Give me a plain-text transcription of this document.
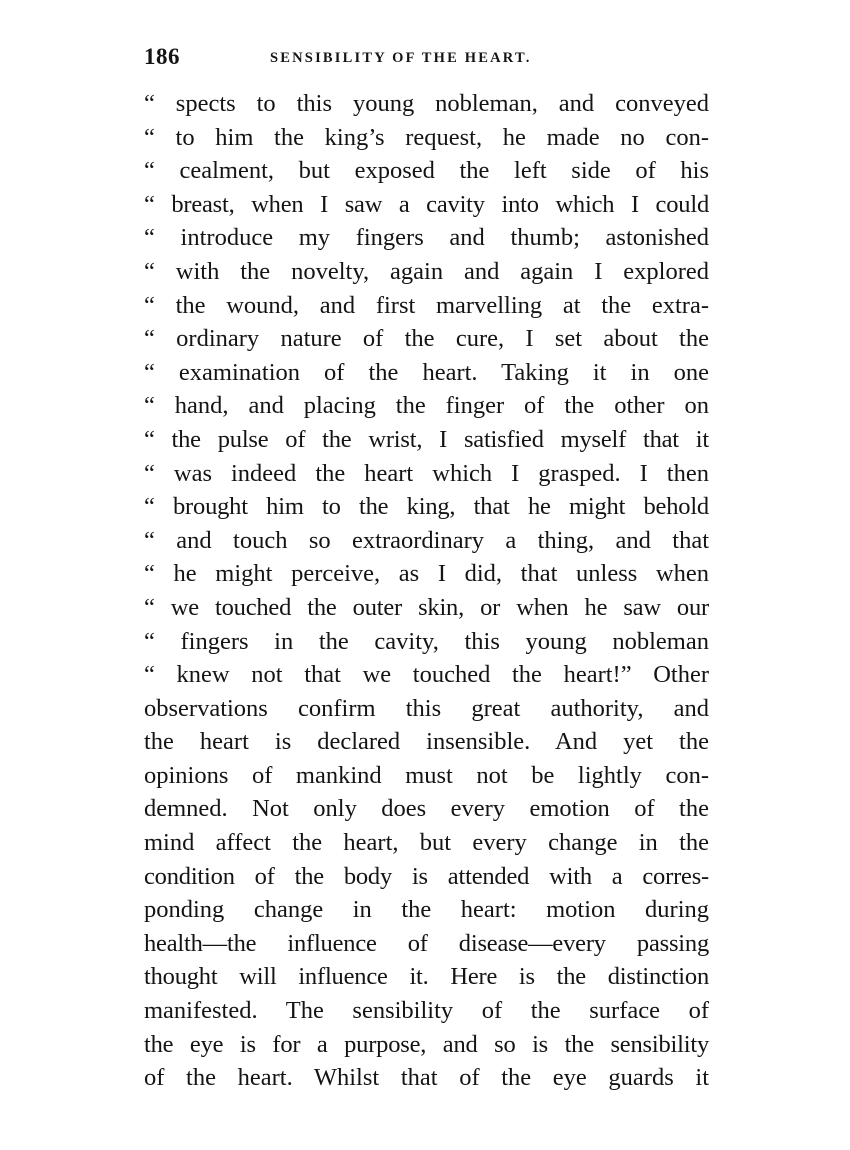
186	SENSIBILITY OF THE HEART.
“ spects to this young nobleman, and conveyed
“ to him the king’s request, he made no con-
“ cealment, but exposed the left side of his
“ breast, when I saw a cavity into which I could
“ introduce my fingers and thumb; astonished
“ with the novelty, again and again I explored
“ the wound, and first marvelling at the extra-
“ ordinary nature of the cure, I set about the
“ examination of the heart. Taking it in one
“ hand, and placing the finger of the other on
“ the pulse of the wrist, I satisfied myself that it
“ was indeed the heart which I grasped. I then
“ brought him to the king, that he might behold
“ and touch so extraordinary a thing, and that
“ he might perceive, as I did, that unless when
“ we touched the outer skin, or when he saw our
“ fingers in the cavity, this young nobleman
“ knew not that we touched the heart!” Other
observations confirm this great authority, and
the heart is declared insensible. And yet the
opinions of mankind must not be lightly con-
demned. Not only does every emotion of the
mind affect the heart, but every change in the
condition of the body is attended with a corres-
ponding change in the heart: motion during
health—the influence of disease—every passing
thought will influence it. Here is the distinction
manifested. The sensibility of the surface of
the eye is for a purpose, and so is the sensibility
of the heart. Whilst that of the eye guards it
